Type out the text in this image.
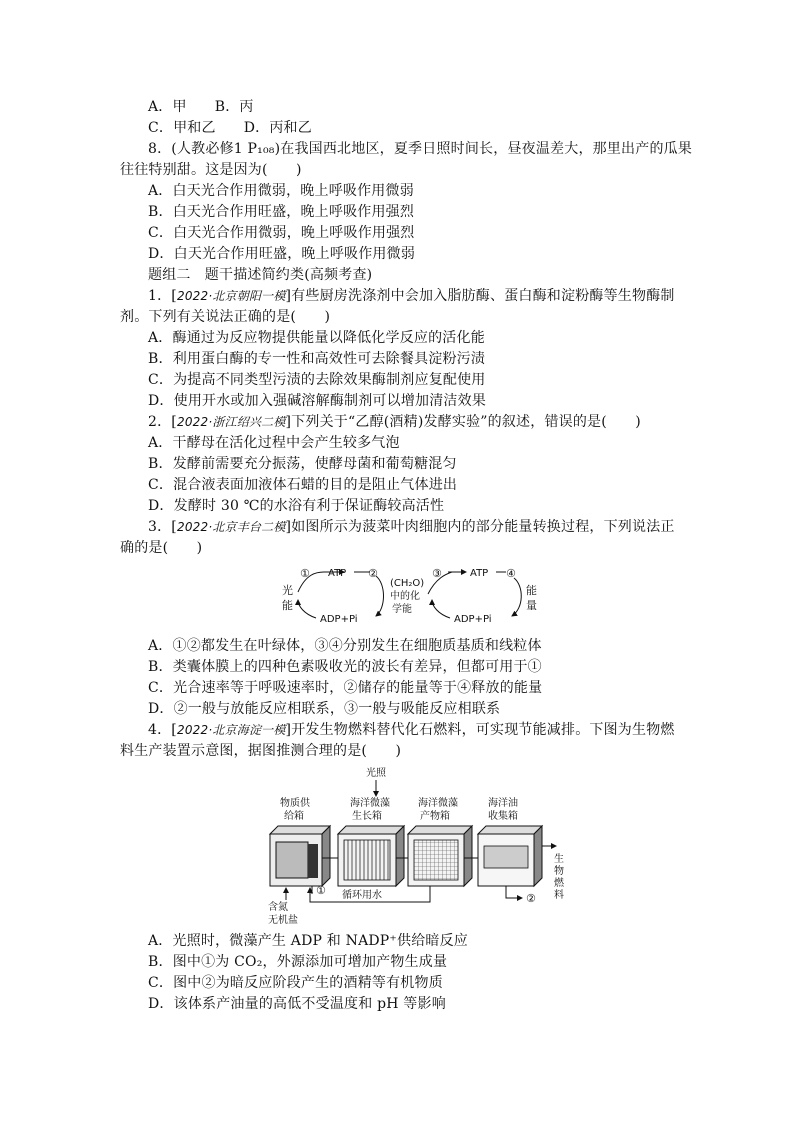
A．甲 B．丙
C．甲和乙 D．丙和乙
8．(人教必修1 P₁₀₈)在我国西北地区，夏季日照时间长，昼夜温差大，那里出产的瓜果
往往特别甜。这是因为(　　)
A．白天光合作用微弱，晚上呼吸作用微弱
B．白天光合作用旺盛，晚上呼吸作用强烈
C．白天光合作用微弱，晚上呼吸作用强烈
D．白天光合作用旺盛，晚上呼吸作用微弱
题组二　题干描述简约类(高频考查)
1．[2022·北京朝阳一模]有些厨房洗涤剂中会加入脂肪酶、蛋白酶和淀粉酶等生物酶制
剂。下列有关说法正确的是(　　)
A．酶通过为反应物提供能量以降低化学反应的活化能
B．利用蛋白酶的专一性和高效性可去除餐具淀粉污渍
C．为提高不同类型污渍的去除效果酶制剂应复配使用
D．使用开水或加入强碱溶解酶制剂可以增加清洁效果
2．[2022·浙江绍兴二模]下列关于“乙醇(酒精)发酵实验”的叙述，错误的是(　　)
A．干酵母在活化过程中会产生较多气泡
B．发酵前需要充分振荡，使酵母菌和葡萄糖混匀
C．混合液表面加液体石蜡的目的是阻止气体进出
D．发酵时 30 ℃的水浴有利于保证酶较高活性
3．[2022·北京丰台二模]如图所示为菠菜叶肉细胞内的部分能量转换过程，下列说法正
确的是(　　)
光
能
① ATP ②
ADP+Pi
(CH₂O)
中的化
学能
③	ATP ④
ADP+Pi
能
量
A．①②都发生在叶绿体，③④分别发生在细胞质基质和线粒体
B．类囊体膜上的四种色素吸收光的波长有差异，但都可用于①
C．光合速率等于呼吸速率时，②储存的能量等于④释放的能量
D．②一般与放能反应相联系，③一般与吸能反应相联系
4．[2022·北京海淀一模]开发生物燃料替代化石燃料，可实现节能减排。下图为生物燃
料生产装置示意图，据图推测合理的是(　　)
光照
物质供
给箱
海洋微藻
生长箱
海洋微藻
产物箱
海洋油
收集箱
生
物
燃
料
循环用水
①
含氮
无机盐
②
A．光照时，微藻产生 ADP 和 NADP⁺供给暗反应
B．图中①为 CO₂，外源添加可增加产物生成量
C．图中②为暗反应阶段产生的酒精等有机物质
D．该体系产油量的高低不受温度和 pH 等影响
